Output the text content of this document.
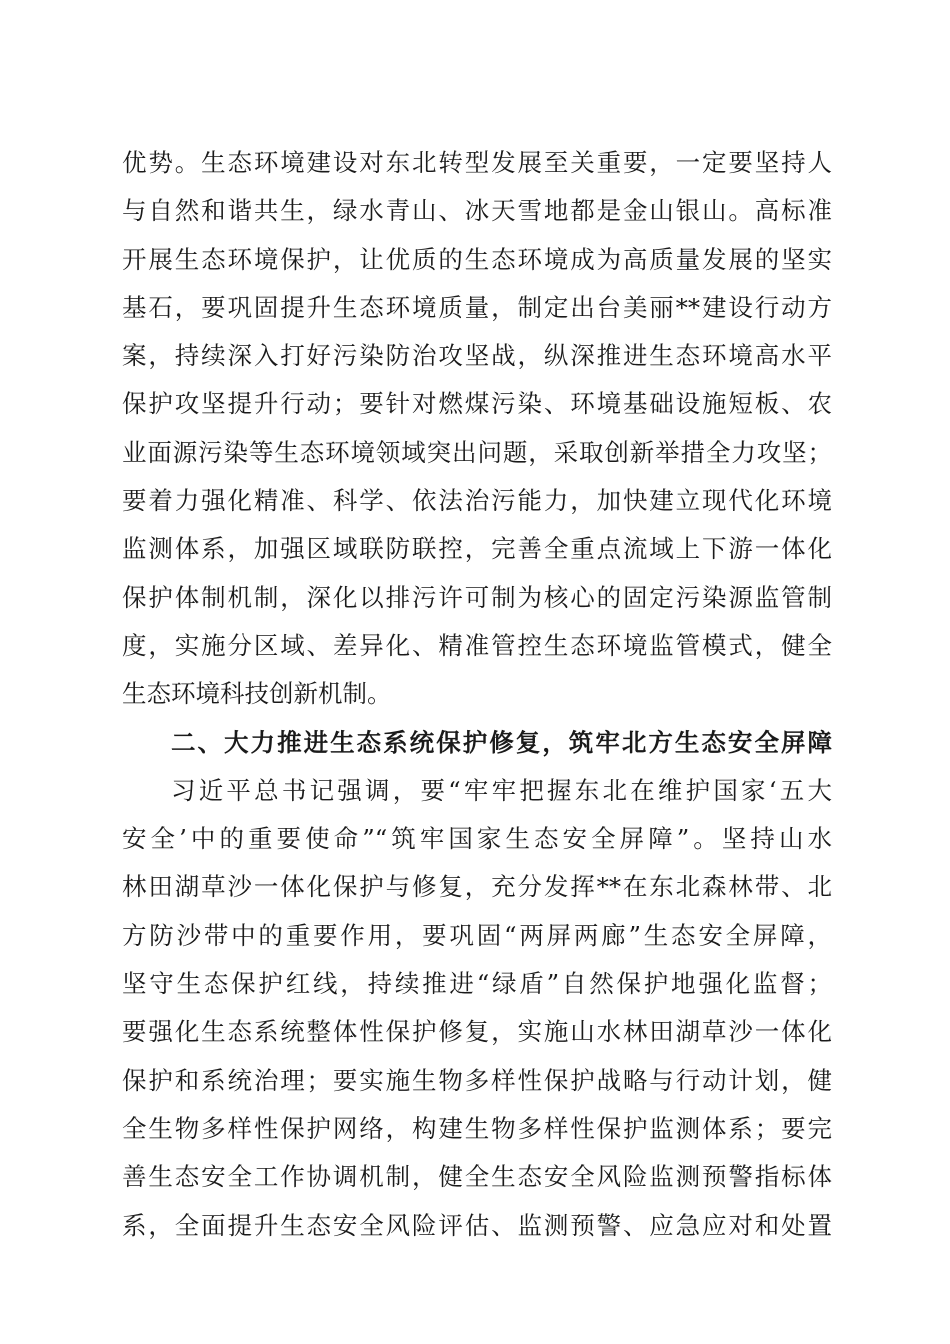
优势。生态环境建设对东北转型发展至关重要，一定要坚持人
与自然和谐共生，绿水青山、冰天雪地都是金山银山。高标准
开展生态环境保护，让优质的生态环境成为高质量发展的坚实
基石，要巩固提升生态环境质量，制定出台美丽**建设行动方
案，持续深入打好污染防治攻坚战，纵深推进生态环境高水平
保护攻坚提升行动；要针对燃煤污染、环境基础设施短板、农
业面源污染等生态环境领域突出问题，采取创新举措全力攻坚；
要着力强化精准、科学、依法治污能力，加快建立现代化环境
监测体系，加强区域联防联控，完善全重点流域上下游一体化
保护体制机制，深化以排污许可制为核心的固定污染源监管制
度，实施分区域、差异化、精准管控生态环境监管模式，健全
生态环境科技创新机制。
二、大力推进生态系统保护修复，筑牢北方生态安全屏障
习近平总书记强调，要“牢牢把握东北在维护国家‘五大
安全’中的重要使命”“筑牢国家生态安全屏障”。坚持山水
林田湖草沙一体化保护与修复，充分发挥**在东北森林带、北
方防沙带中的重要作用，要巩固“两屏两廊”生态安全屏障，
坚守生态保护红线，持续推进“绿盾”自然保护地强化监督；
要强化生态系统整体性保护修复，实施山水林田湖草沙一体化
保护和系统治理；要实施生物多样性保护战略与行动计划，健
全生物多样性保护网络，构建生物多样性保护监测体系；要完
善生态安全工作协调机制，健全生态安全风险监测预警指标体
系，全面提升生态安全风险评估、监测预警、应急应对和处置
